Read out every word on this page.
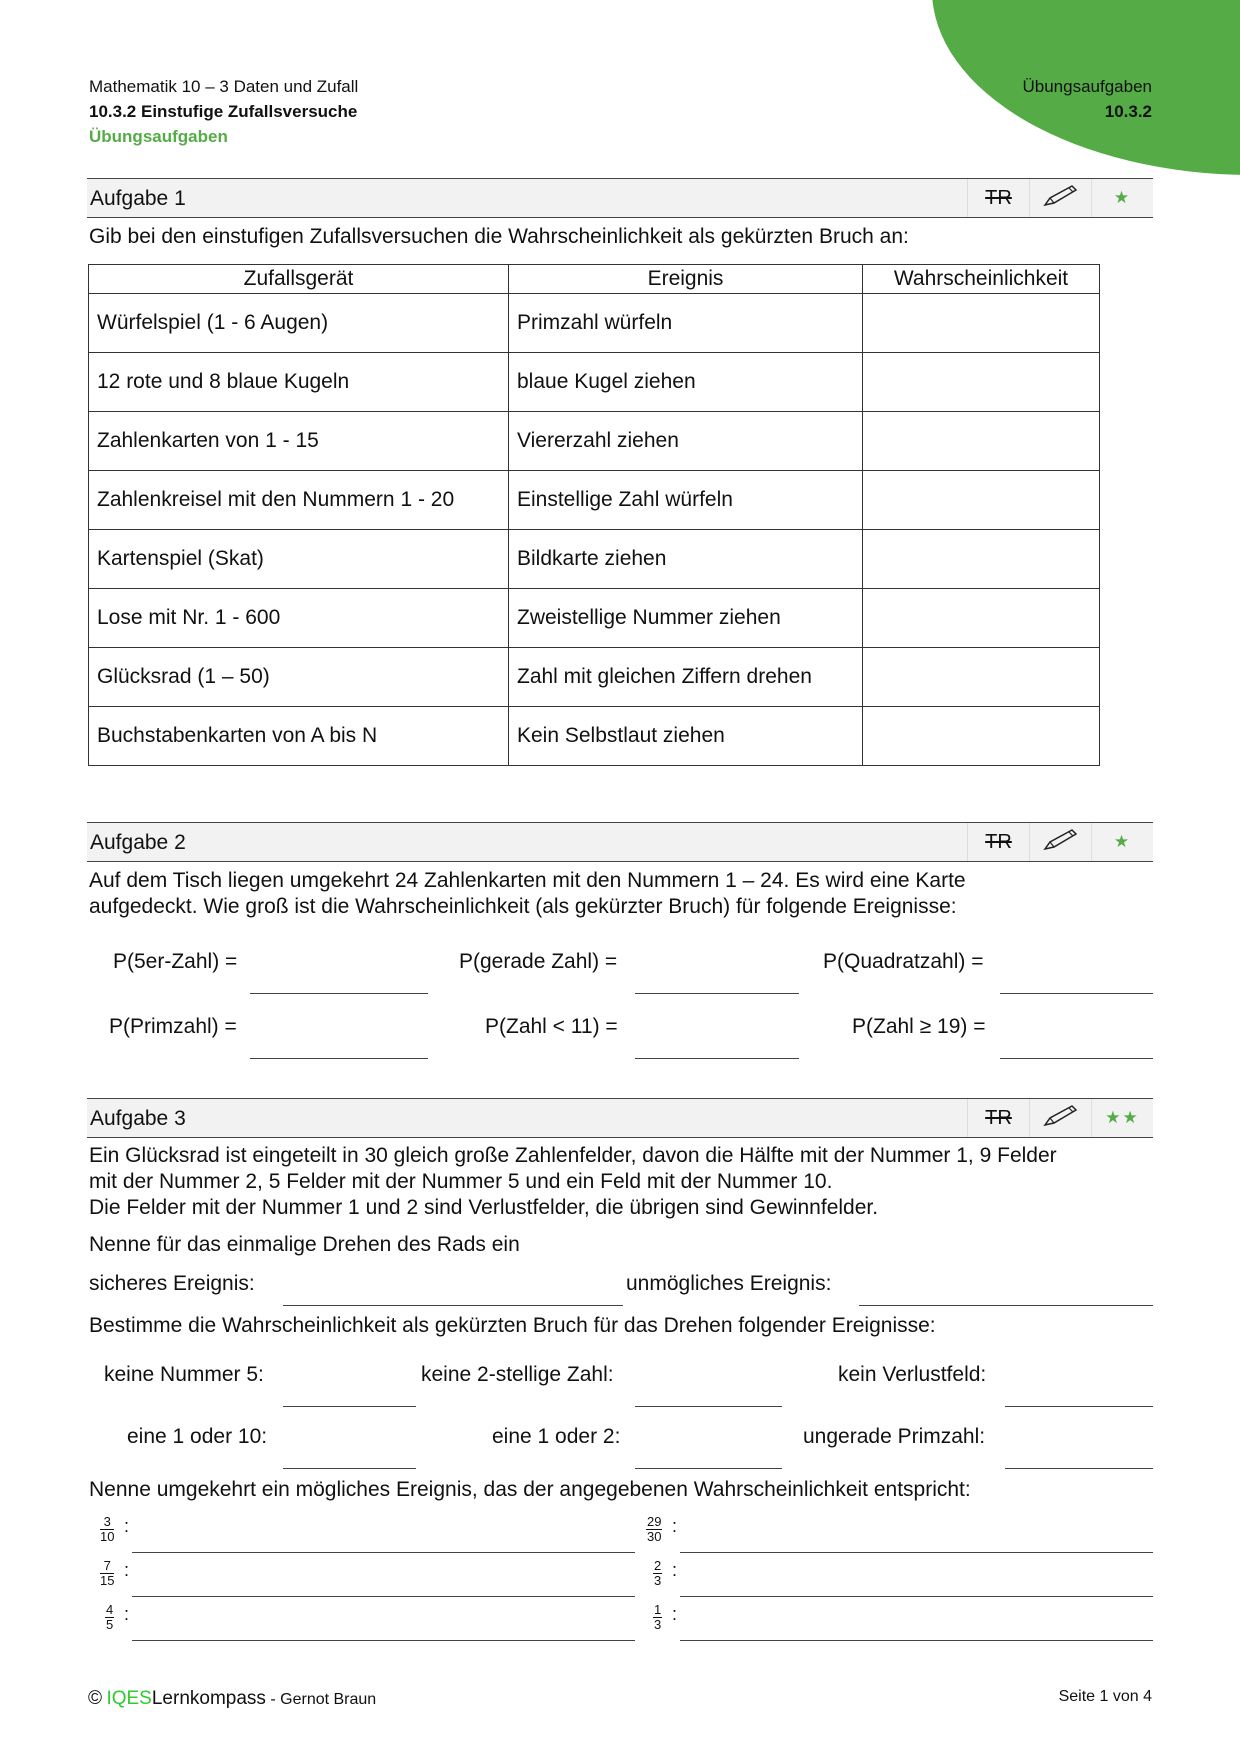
Mathematik 10 – 3 Daten und Zufall
10.3.2 Einstufige Zufallsversuche
Übungsaufgaben
Übungsaufgaben
10.3.2
Aufgabe 1	TR	★
Gib bei den einstufigen Zufallsversuchen die Wahrscheinlichkeit als gekürzten Bruch an:
Zufallsgerät	Ereignis	Wahrscheinlichkeit
Würfelspiel (1 - 6 Augen)	Primzahl würfeln	
12 rote und 8 blaue Kugeln	blaue Kugel ziehen	
Zahlenkarten von 1 - 15	Viererzahl ziehen	
Zahlenkreisel mit den Nummern 1 - 20	Einstellige Zahl würfeln	
Kartenspiel (Skat)	Bildkarte ziehen	
Lose mit Nr. 1 - 600	Zweistellige Nummer ziehen	
Glücksrad (1 – 50)	Zahl mit gleichen Ziffern drehen	
Buchstabenkarten von A bis N	Kein Selbstlaut ziehen	
Aufgabe 2	TR	★
Auf dem Tisch liegen umgekehrt 24 Zahlenkarten mit den Nummern 1 – 24. Es wird eine Karte
aufgedeckt. Wie groß ist die Wahrscheinlichkeit (als gekürzter Bruch) für folgende Ereignisse:
P(5er-Zahl) =	P(gerade Zahl) =	P(Quadratzahl) =
P(Primzahl) =	P(Zahl < 11) =	P(Zahl ≥ 19) =
Aufgabe 3	TR	★★
Ein Glücksrad ist eingeteilt in 30 gleich große Zahlenfelder, davon die Hälfte mit der Nummer 1, 9 Felder
mit der Nummer 2, 5 Felder mit der Nummer 5 und ein Feld mit der Nummer 10.
Die Felder mit der Nummer 1 und 2 sind Verlustfelder, die übrigen sind Gewinnfelder.
Nenne für das einmalige Drehen des Rads ein
sicheres Ereignis:	unmögliches Ereignis:
Bestimme die Wahrscheinlichkeit als gekürzten Bruch für das Drehen folgender Ereignisse:
keine Nummer 5:	keine 2-stellige Zahl:	kein Verlustfeld:
eine 1 oder 10:	eine 1 oder 2:	ungerade Primzahl:
Nenne umgekehrt ein mögliches Ereignis, das der angegebenen Wahrscheinlichkeit entspricht:
$\frac{3}{10}$ :	$\frac{29}{30}$ :
$\frac{7}{15}$ :	$\frac{2}{3}$ :
$\frac{4}{5}$ :	$\frac{1}{3}$ :
© IQESLernkompass - Gernot Braun	Seite 1 von 4
